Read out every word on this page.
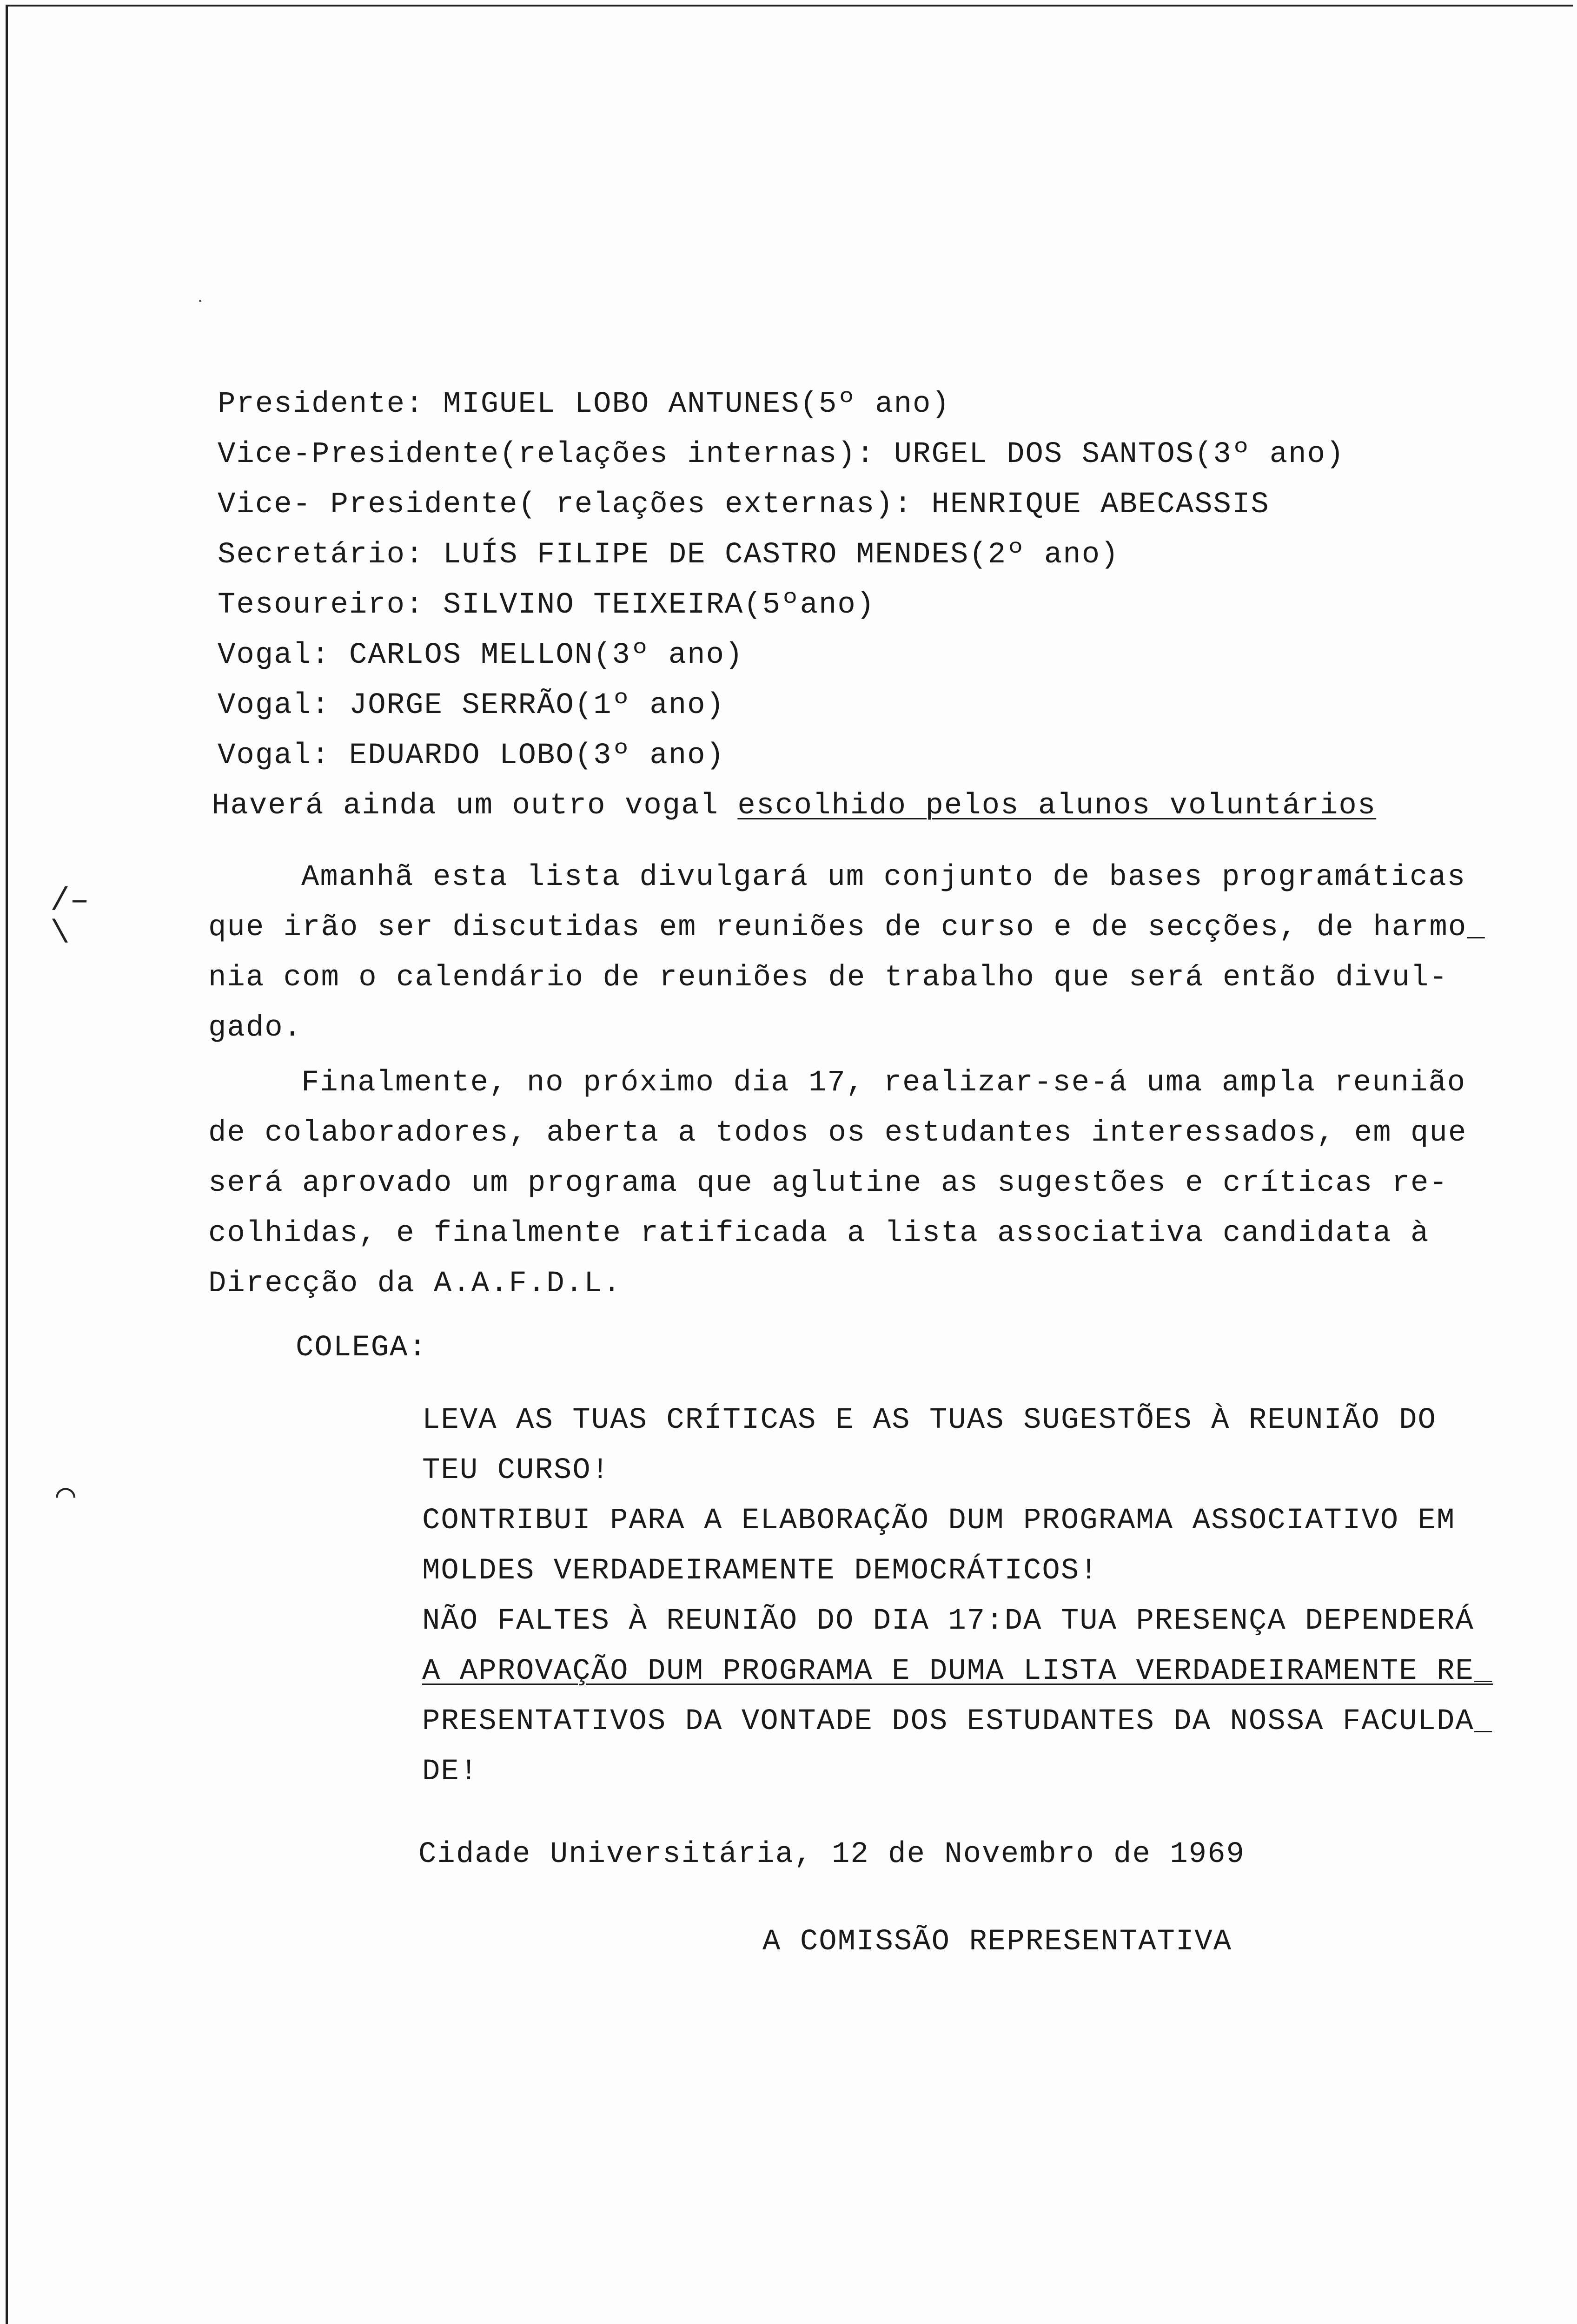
/‒
\
⌒
Presidente: MIGUEL LOBO ANTUNES(5º ano)
Vice-Presidente(relações internas): URGEL DOS SANTOS(3º ano)
Vice- Presidente( relações externas): HENRIQUE ABECASSIS
Secretário: LUÍS FILIPE DE CASTRO MENDES(2º ano)
Tesoureiro: SILVINO TEIXEIRA(5ºano)
Vogal: CARLOS MELLON(3º ano)
Vogal: JORGE SERRÃO(1º ano)
Vogal: EDUARDO LOBO(3º ano)
Haverá ainda um outro vogal escolhido pelos alunos voluntários
Amanhã esta lista divulgará um conjunto de bases programáticas
que irão ser discutidas em reuniões de curso e de secções, de harmo_
nia com o calendário de reuniões de trabalho que será então divul-
gado.
Finalmente, no próximo dia 17, realizar-se-á uma ampla reunião
de colaboradores, aberta a todos os estudantes interessados, em que
será aprovado um programa que aglutine as sugestões e críticas re-
colhidas, e finalmente ratificada a lista associativa candidata à
Direcção da A.A.F.D.L.
COLEGA:
LEVA AS TUAS CRÍTICAS E AS TUAS SUGESTÕES À REUNIÃO DO
TEU CURSO!
CONTRIBUI PARA A ELABORAÇÃO DUM PROGRAMA ASSOCIATIVO EM
MOLDES VERDADEIRAMENTE DEMOCRÁTICOS!
NÃO FALTES À REUNIÃO DO DIA 17:DA TUA PRESENÇA DEPENDERÁ
A APROVAÇÃO DUM PROGRAMA E DUMA LISTA VERDADEIRAMENTE RE_
PRESENTATIVOS DA VONTADE DOS ESTUDANTES DA NOSSA FACULDA_
DE!
Cidade Universitária, 12 de Novembro de 1969
A COMISSÃO REPRESENTATIVA
